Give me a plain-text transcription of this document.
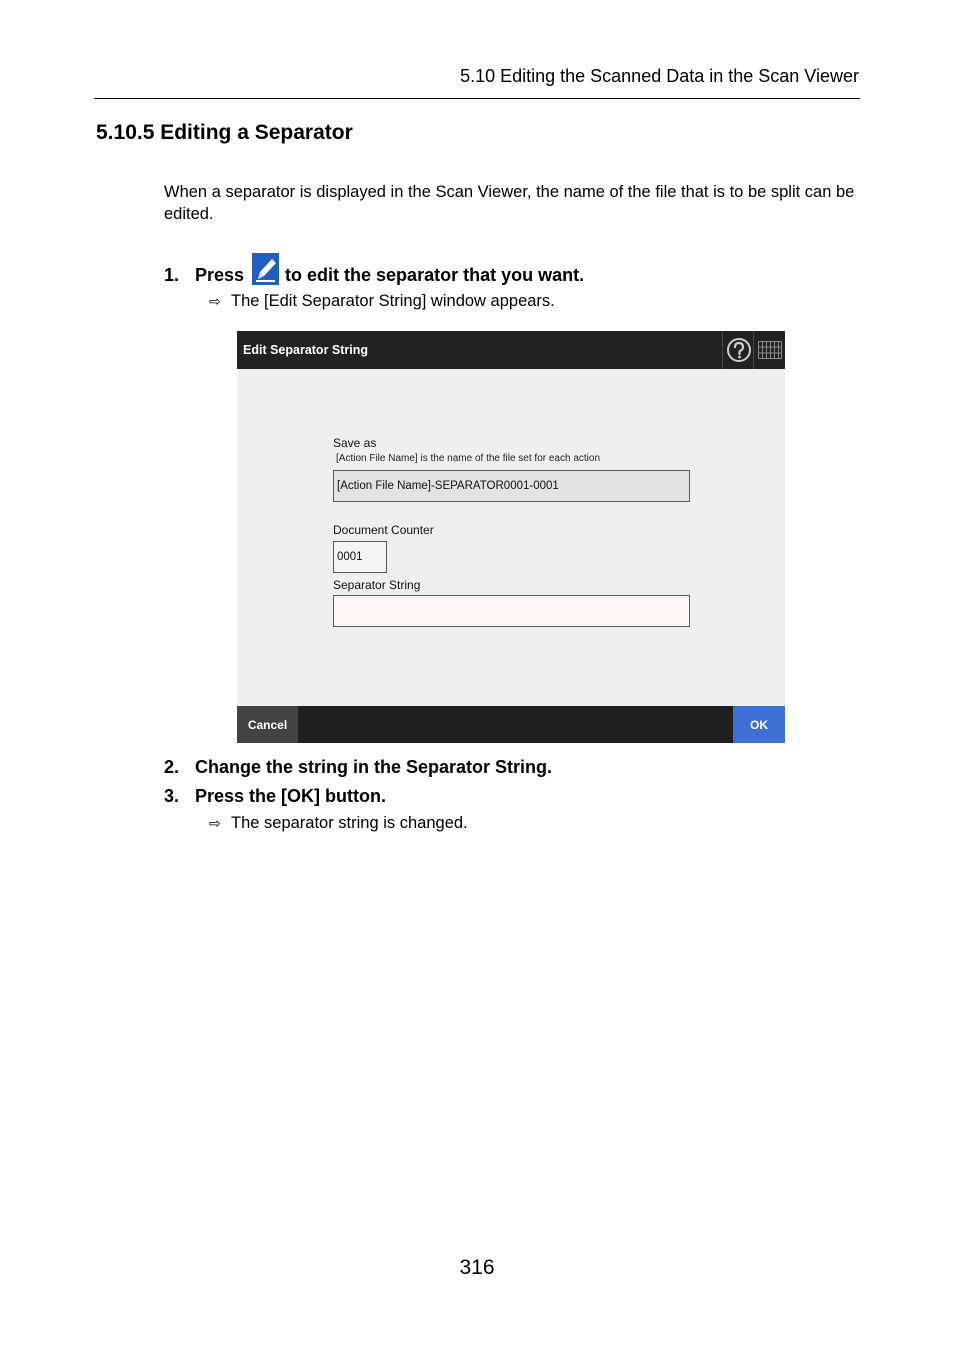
5.10 Editing the Scanned Data in the Scan Viewer
5.10.5 Editing a Separator
When a separator is displayed in the Scan Viewer, the name of the file that is to be split can be edited.
1. Press to edit the separator that you want.
⇨ The [Edit Separator String] window appears.
Edit Separator String
Save as
[Action File Name] is the name of the file set for each action
[Action File Name]-SEPARATOR0001-0001
Document Counter
0001
Separator String
Cancel	OK
2. Change the string in the Separator String.
3. Press the [OK] button.
⇨ The separator string is changed.
316
